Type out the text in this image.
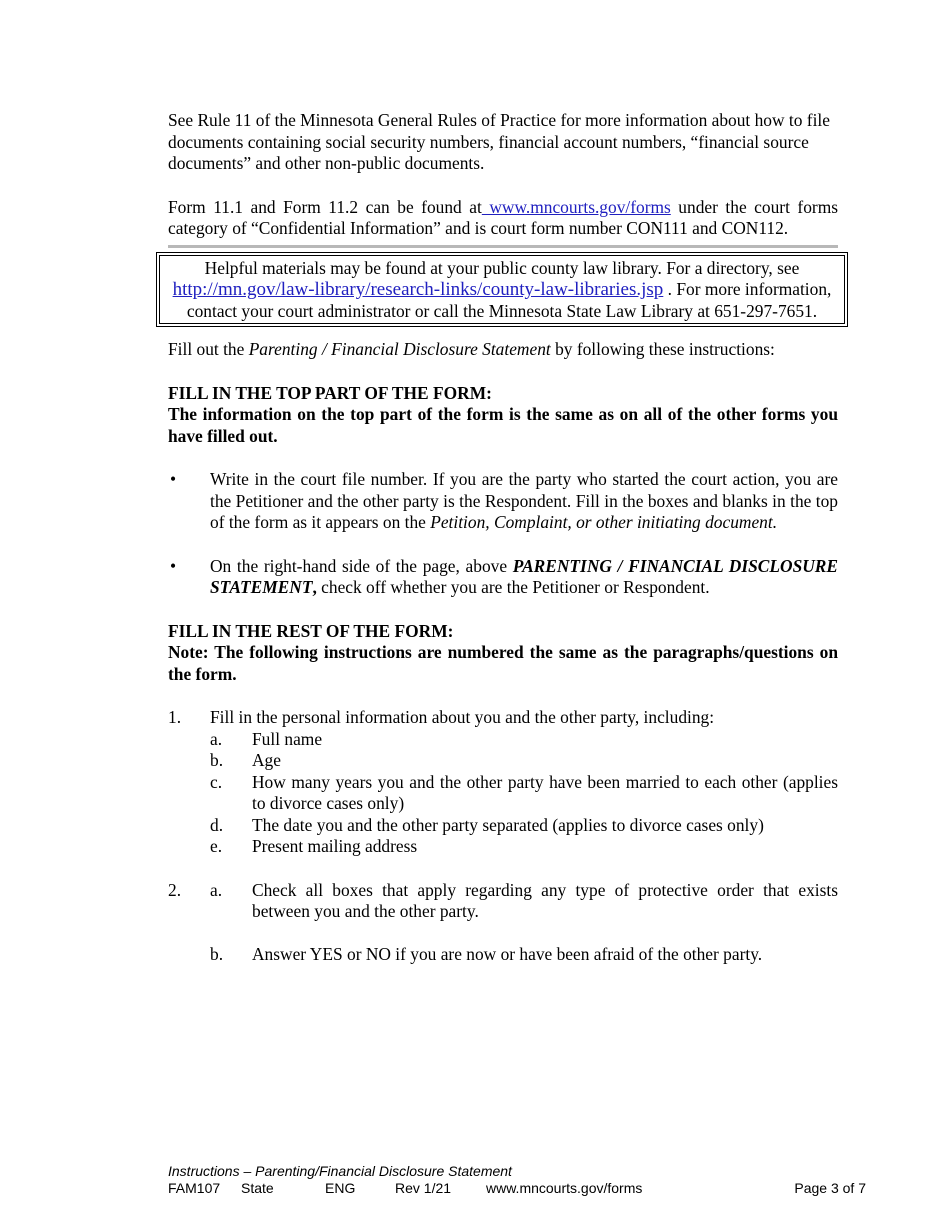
See Rule 11 of the Minnesota General Rules of Practice for more information about how to file documents containing social security numbers, financial account numbers, “financial source documents” and other non-public documents.

Form 11.1 and Form 11.2 can be found at www.mncourts.gov/forms under the court forms category of “Confidential Information” and is court form number CON111 and CON112.

Helpful materials may be found at your public county law library. For a directory, see
http://mn.gov/law-library/research-links/county-law-libraries.jsp . For more information, contact your court administrator or call the Minnesota State Law Library at 651-297-7651.

Fill out the Parenting / Financial Disclosure Statement by following these instructions:

FILL IN THE TOP PART OF THE FORM:

The information on the top part of the form is the same as on all of the other forms you have filled out.

•	Write in the court file number. If you are the party who started the court action, you are the Petitioner and the other party is the Respondent. Fill in the boxes and blanks in the top of the form as it appears on the Petition, Complaint, or other initiating document.
•	On the right-hand side of the page, above PARENTING / FINANCIAL DISCLOSURE STATEMENT, check off whether you are the Petitioner or Respondent.

FILL IN THE REST OF THE FORM:

Note: The following instructions are numbered the same as the paragraphs/questions on the form.

1.	Fill in the personal information about you and the other party, including:

a.	Full name
b.	Age
c.	How many years you and the other party have been married to each other (applies to divorce cases only)
d.	The date you and the other party separated (applies to divorce cases only)
e.	Present mailing address
2.	a.	Check all boxes that apply regarding any type of protective order that exists between you and the other party.
b.	Answer YES or NO if you are now or have been afraid of the other party.
Instructions – Parenting/Financial Disclosure Statement
FAM107 State	ENG	Rev 1/21 www.mncourts.gov/forms	Page 3 of 7
